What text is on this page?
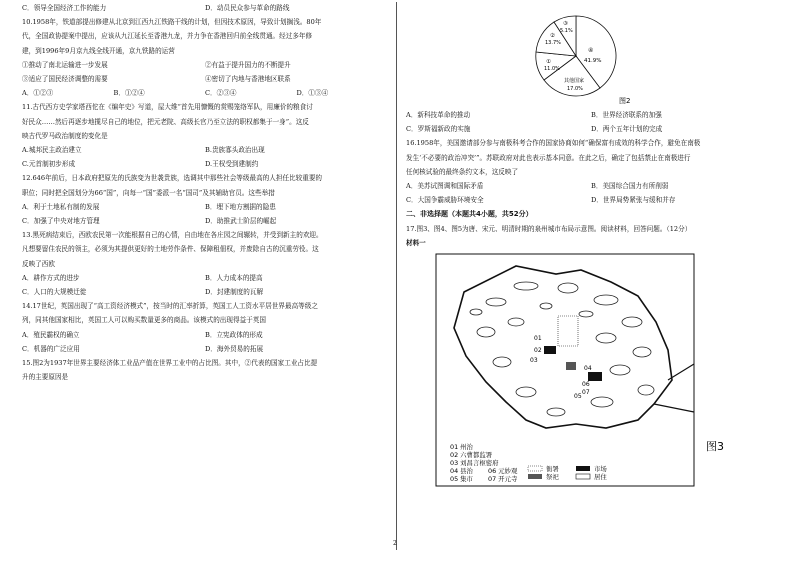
C．领导全国经济工作的能力	D．动员民众参与革命的路线

10.1958年，铁道部提出修建从北京到江西九江铁路干线的计划，但因技术原因，导致计划搁浅。80年

代，全国政协提案中提出，应该从九江延长至香港九龙，并力争在香港回归前全线贯通。经过多年修

建，到1996年9月京九线全线开通，京九铁路的运营

①推动了南北运输进一步发展	②有益于提升国力的不断提升
③适应了国民经济调整的需要	④密切了内地与香港地区联系
A．①②③	B．①②④	C．②③④	D．①③④

11.古代西方史学家塔西佗在《编年史》写道，屋大维“首先用慷慨的赏赐笼络军队，用廉价的粮食讨

好民众……然后再逐步地揽尽自己的地位，把元老院、高级长官乃至立法的职权都集于一身”。这反

映古代罗马政治制度的变化是

A.城邦民主政治建立	B.贵族寡头政治出现
C.元首制初步形成	D.王权受到建制约

12.646年前后，日本政府把原先的氏族变为世袭贵族，选调其中那些社会等级最高的人担任比较重要的

职位；同时把全国划分为66“国”，向每一“国”委派一名“国司”及其辅助官员。这些举措

A．利于土地私有制的发展	B．埋下地方割据的隐患
C．加强了中央对地方管理	D．助推武士阶层的崛起

13.黑死病结束后，西欧农民第一次能根据自己的心情，自由地在各庄园之间辗转，并受到新主的欢迎。

凡想要留住农民的领主，必须为其提供更好的土地劳作条件、保障租佃权，并废除自古的沉重劳役。这

反映了西欧

A．耕作方式的进步	B．人力成本的提高
C．人口的大规模迁徙	D．封建制度的瓦解

14.17世纪，英国出现了“高工资经济模式”，按当时的汇率折算，英国工人工资水平居世界最高等级之

列，同其他国家相比，英国工人可以购买数量更多的商品。该模式的出现得益于英国

A．殖民霸权的确立	B．立宪政体的形成
C．机器的广泛应用	D．海外贸易的拓展

15.图2为1937年世界主要经济体工业品产值在世界工业中的占比图。其中，②代表的国家工业占比提

升的主要原因是

④
41.9%
其他国家
17.0%
11.0%
①
13.7%
②
③
5.1%
图2
A．新科技革命的推动	B．世界经济联系的加强
C．罗斯福新政的实施	D．两个五年计划的完成

16.1958年，美国邀请部分参与南极科考合作的国家协商如何“确保富有成效的科学合作，避免在南极

发生‘不必要的政治冲突’”。苏联政府对此也表示基本同意。在此之后，确定了包括禁止在南极进行

任何核试验的最终条约文本，这反映了

A．美苏试图调和国际矛盾	B．美国综合国力有所削弱
C．大国争霸威胁环境安全	D．世界局势紧张与缓和并存

二、非选择题（本题共4小题，共52分）

17.图3、图4、图5为唐、宋元、明清时期的泉州城市布局示意图。阅读材料，回答问题。（12分）

材料一

01
02
03
04
05
06
07
01 州治
02 六曹都监署
03 刘昌言枢密府
04 县治
05 集市
衙署
祭祀
图3
06 元妙观
07 开元寺
市场
居住
2
